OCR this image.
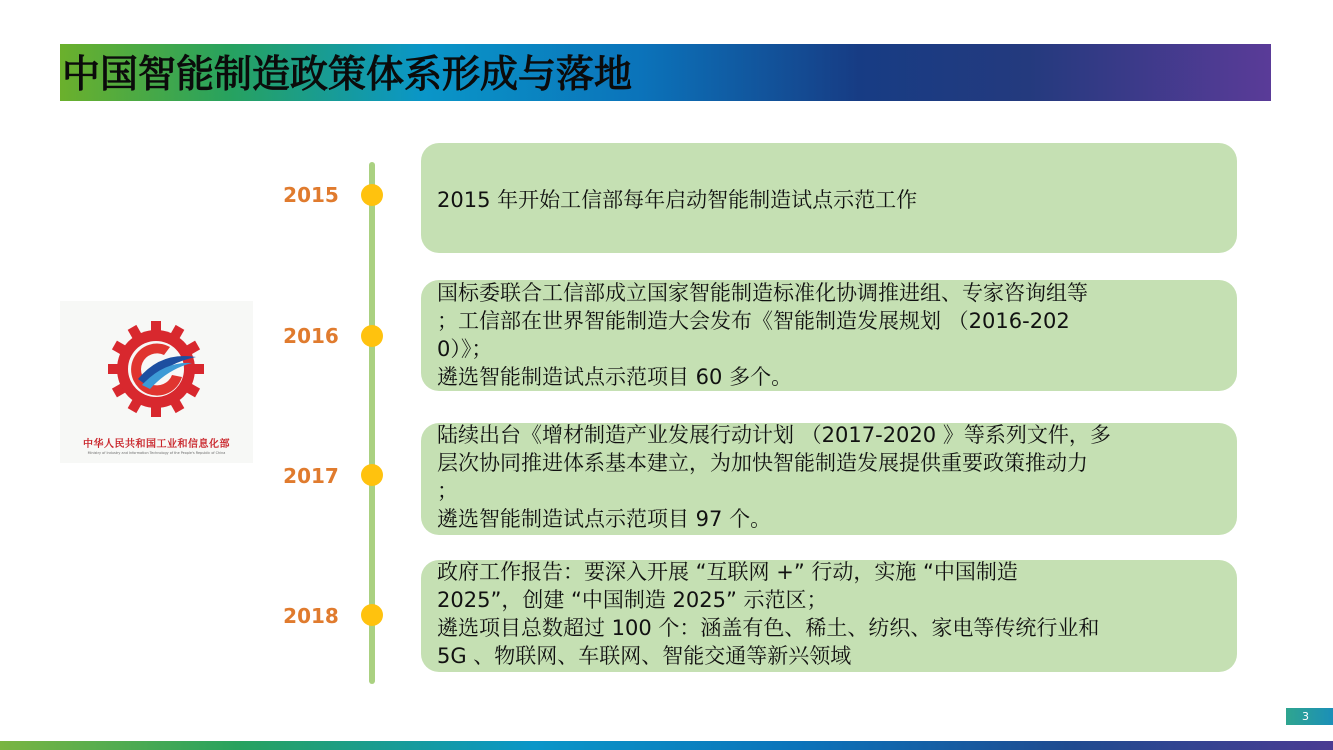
中国智能制造政策体系形成与落地
中华人民共和国工业和信息化部
Ministry of Industry and Information Technology of the People's Republic of China
2015	2015 年开始工信部每年启动智能制造试点示范工作
2016
国标委联合工信部成立国家智能制造标准化协调推进组、专家咨询组等
；工信部在世界智能制造大会发布《智能制造发展规划 （2016-202
0）》；
遴选智能制造试点示范项目 60 多个。
2017
陆续出台《增材制造产业发展行动计划 （2017-2020 》等系列文件，多
层次协同推进体系基本建立，为加快智能制造发展提供重要政策推动力
；
遴选智能制造试点示范项目 97 个。
2018
政府工作报告：要深入开展 “互联网 +” 行动，实施 “中国制造
2025”，创建 “中国制造 2025” 示范区；
遴选项目总数超过 100 个：涵盖有色、稀土、纺织、家电等传统行业和
5G 、物联网、车联网、智能交通等新兴领域
3
